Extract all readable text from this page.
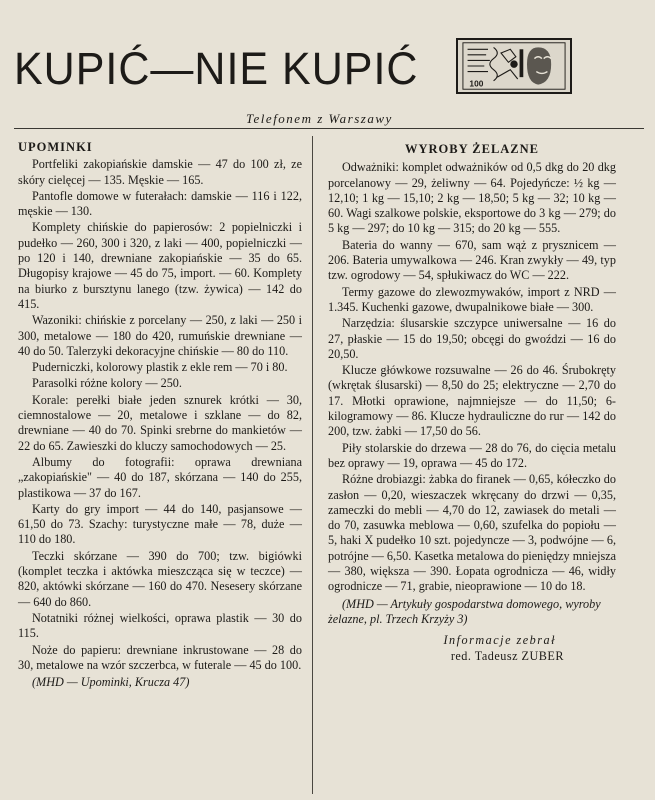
KUPIĆ—NIE KUPIĆ	100
Telefonem z Warszawy
UPOMINKI

Portfeliki zakopiańskie damskie — 47 do 100 zł, ze skóry cielęcej — 135. Męskie — 165.

Pantofle domowe w futerałach: damskie — 116 i 122, męskie — 130.

Komplety chińskie do papierosów: 2 popielniczki i pudełko — 260, 300 i 320, z laki — 400, popielniczki — po 120 i 140, drewniane zakopiańskie — 35 do 65. Długopisy krajowe — 45 do 75, import. — 60. Komplety na biurko z bursztynu lanego (tzw. żywica) — 142 do 415.

Wazoniki: chińskie z porcelany — 250, z laki — 250 i 300, metalowe — 180 do 420, rumuńskie drewniane — 40 do 50. Talerzyki dekoracyjne chińskie — 80 do 110.

Puderniczki, kolorowy plastik z ekle rem — 70 i 80.

Parasolki różne kolory — 250.

Korale: perełki białe jeden sznurek krótki — 30, ciemnostalowe — 20, metalowe i szklane — do 82, drewniane — 40 do 70. Spinki srebrne do mankietów — 22 do 65. Zawieszki do kluczy samochodowych — 25.

Albumy do fotografii: oprawa drewniana „zakopiańskie" — 40 do 187, skórzana — 140 do 255, plastikowa — 37 do 167.

Karty do gry import — 44 do 140, pasjansowe — 61,50 do 73. Szachy: turystyczne małe — 78, duże — 110 do 180.

Teczki skórzane — 390 do 700; tzw. bigiówki (komplet teczka i aktówka mieszcząca się w teczce) — 820, aktówki skórzane — 160 do 470. Nesesery skórzane — 640 do 860.

Notatniki różnej wielkości, oprawa plastik — 30 do 115.

Noże do papieru: drewniane inkrustowane — 28 do 30, metalowe na wzór szczerbca, w futerale — 45 do 100.

(MHD — Upominki, Krucza 47)

WYROBY ŻELAZNE

Odważniki: komplet odważników od 0,5 dkg do 20 dkg porcelanowy — 29, żeliwny — 64. Pojedyńcze: ½ kg — 12,10; 1 kg — 15,10; 2 kg — 18,50; 5 kg — 32; 10 kg — 60. Wagi szalkowe polskie, eksportowe do 3 kg — 279; do 5 kg — 297; do 10 kg — 315; do 20 kg — 555.

Bateria do wanny — 670, sam wąż z prysznicem — 206. Bateria umywalkowa — 246. Kran zwykły — 49, typ tzw. ogrodowy — 54, spłukiwacz do WC — 222.

Termy gazowe do zlewozmywaków, import z NRD — 1.345. Kuchenki gazowe, dwupalnikowe białe — 300.

Narzędzia: ślusarskie szczypce uniwersalne — 16 do 27, płaskie — 15 do 19,50; obcęgi do gwoździ — 16 do 20,50.

Klucze główkowe rozsuwalne — 26 do 46. Śrubokręty (wkrętak ślusarski) — 8,50 do 25; elektryczne — 2,70 do 17. Młotki oprawione, najmniejsze — do 11,50; 6-kilogramowy — 86. Klucze hydrauliczne do rur — 142 do 200, tzw. żabki — 17,50 do 56.

Piły stolarskie do drzewa — 28 do 76, do cięcia metalu bez oprawy — 19, oprawa — 45 do 172.

Różne drobiazgi: żabka do firanek — 0,65, kółeczko do zasłon — 0,20, wieszaczek wkręcany do drzwi — 0,35, zameczki do mebli — 4,70 do 12, zawiasek do metali — do 70, zasuwka meblowa — 0,60, szufelka do popiołu — 5, haki X pudełko 10 szt. pojedyncze — 3, podwójne — 6, potrójne — 6,50. Kasetka metalowa do pieniędzy mniejsza — 380, większa — 390. Łopata ogrodnicza — 46, widły ogrodnicze — 71, grabie, nieoprawione — 10 do 18.

(MHD — Artykuły gospodarstwa domowego, wyroby żelazne, pl. Trzech Krzyży 3)

Informacje zebrał

red. Tadeusz ZUBER
